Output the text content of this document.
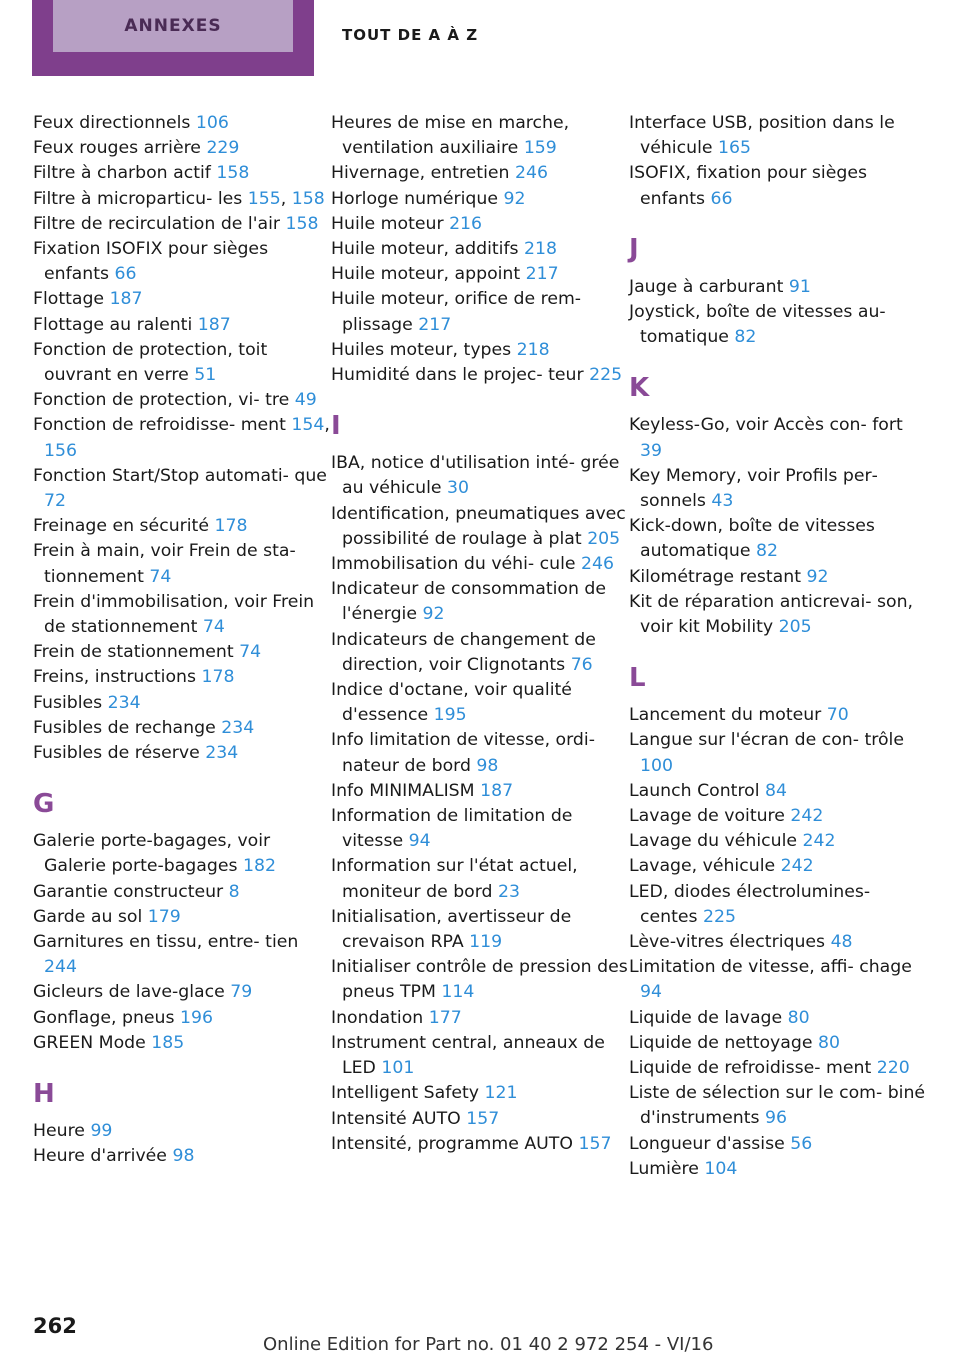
ANNEXES	TOUT DE A À Z

Feux directionnels 106

Feux rouges arrière 229

Filtre à charbon actif 158

Filtre à microparticu‐ les 155, 158

Filtre de recirculation de l'air 158

Fixation ISOFIX pour sièges enfants 66

Flottage 187

Flottage au ralenti 187

Fonction de protection, toit ouvrant en verre 51

Fonction de protection, vi‐ tre 49

Fonction de refroidisse‐ ment 154, 156

Fonction Start/Stop automati‐ que 72

Freinage en sécurité 178

Frein à main, voir Frein de sta‐ tionnement 74

Frein d'immobilisation, voir Frein de stationnement 74

Frein de stationnement 74

Freins, instructions 178

Fusibles 234

Fusibles de rechange 234

Fusibles de réserve 234

G

Galerie porte-bagages, voir Galerie porte-bagages 182

Garantie constructeur 8

Garde au sol 179

Garnitures en tissu, entre‐ tien 244

Gicleurs de lave-glace 79

Gonflage, pneus 196

GREEN Mode 185

H

Heure 99

Heure d'arrivée 98

Heures de mise en marche, ventilation auxiliaire 159

Hivernage, entretien 246

Horloge numérique 92

Huile moteur 216

Huile moteur, additifs 218

Huile moteur, appoint 217

Huile moteur, orifice de rem‐ plissage 217

Huiles moteur, types 218

Humidité dans le projec‐ teur 225

I

IBA, notice d'utilisation inté‐ grée au véhicule 30

Identification, pneumatiques avec possibilité de roulage à plat 205

Immobilisation du véhi‐ cule 246

Indicateur de consommation de l'énergie 92

Indicateurs de changement de direction, voir Clignotants 76

Indice d'octane, voir qualité d'essence 195

Info limitation de vitesse, ordi‐ nateur de bord 98

Info MINIMALISM 187

Information de limitation de vitesse 94

Information sur l'état actuel, moniteur de bord 23

Initialisation, avertisseur de crevaison RPA 119

Initialiser contrôle de pression des pneus TPM 114

Inondation 177

Instrument central, anneaux de LED 101

Intelligent Safety 121

Intensité AUTO 157

Intensité, programme AUTO 157

Interface USB, position dans le véhicule 165

ISOFIX, fixation pour sièges enfants 66

J

Jauge à carburant 91

Joystick, boîte de vitesses au‐ tomatique 82

K

Keyless-Go, voir Accès con‐ fort 39

Key Memory, voir Profils per‐ sonnels 43

Kick-down, boîte de vitesses automatique 82

Kilométrage restant 92

Kit de réparation anticrevai‐ son, voir kit Mobility 205

L

Lancement du moteur 70

Langue sur l'écran de con‐ trôle 100

Launch Control 84

Lavage de voiture 242

Lavage du véhicule 242

Lavage, véhicule 242

LED, diodes électrolumines‐ centes 225

Lève-vitres électriques 48

Limitation de vitesse, affi‐ chage 94

Liquide de lavage 80

Liquide de nettoyage 80

Liquide de refroidisse‐ ment 220

Liste de sélection sur le com‐ biné d'instruments 96

Longueur d'assise 56

Lumière 104

262
Online Edition for Part no. 01 40 2 972 254 - VI/16
